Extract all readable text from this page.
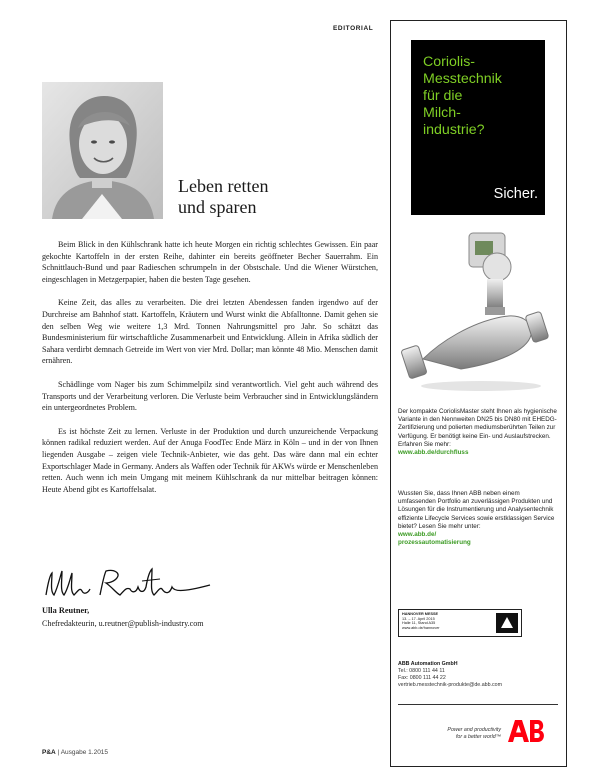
EDITORIAL
Leben retten
und sparen

Beim Blick in den Kühlschrank hatte ich heute Morgen ein richtig schlechtes Gewissen. Ein paar gekochte Kartoffeln in der ersten Reihe, dahinter ein bereits geöffneter Becher Sauerrahm. Ein Schnittlauch-Bund und paar Radieschen schrumpeln in der Obstschale. Und die Wiener Würstchen, eingeschlagen in Metzgerpapier, haben die besten Tage gesehen.

Keine Zeit, das alles zu verarbeiten. Die drei letzten Abendessen fanden irgendwo auf der Durchreise am Bahnhof statt. Kartoffeln, Kräutern und Wurst winkt die Abfalltonne. Damit gehen sie den selben Weg wie weitere 1,3 Mrd. Tonnen Nahrungsmittel pro Jahr. So schätzt das Bundesministerium für wirtschaftliche Zusammenarbeit und Entwicklung. Allein in Afrika südlich der Sahara verdirbt demnach Getreide im Wert von vier Mrd. Dollar; man könnte 48 Mio. Menschen damit ernähren.

Schädlinge vom Nager bis zum Schimmelpilz sind verantwortlich. Viel geht auch während des Transports und der Verarbeitung verloren. Die Verluste beim Verbraucher sind in Entwicklungsländern ein untergeordnetes Problem.

Es ist höchste Zeit zu lernen. Verluste in der Produktion und durch unzureichende Verpackung können radikal reduziert werden. Auf der Anuga FoodTec Ende März in Köln – und in der von Ihnen liegenden Ausgabe – zeigen viele Technik-Anbieter, wie das geht. Das wäre dann mal ein echter Exportschlager Made in Germany. Anders als Waffen oder Technik für AKWs würde er Menschenleben retten. Auch wenn ich mein Umgang mit meinem Kühlschrank da nur mittelbar beitragen können: Heute Abend gibt es Kartoffelsalat.

Ulla Reutner,
Chefredakteurin, u.reutner@publish-industry.com
P&A | Ausgabe 1.2015
Coriolis-
Messtechnik
für die
Milch-
industrie?
Sicher.
Der kompakte CoriolisMaster steht Ihnen als hygienische Variante in den Nennweiten DN25 bis DN80 mit EHEDG-Zertifizierung und polierten mediumsberührten Teilen zur Verfügung. Er benötigt keine Ein- und Auslaufstrecken. Erfahren Sie mehr:
www.abb.de/durchfluss
Wussten Sie, dass Ihnen ABB neben einem umfassenden Portfolio an zuverlässigen Produkten und Lösungen für die Instrumentierung und Analysentechnik effiziente Lifecycle Services sowie erstklassigen Service bietet? Lesen Sie mehr unter:
www.abb.de/
prozessautomatisierung
HANNOVER MESSE
13. – 17. April 2015
Halle 11, Stand A35
www.abb.de/hannover
ABB Automation GmbH
Tel.: 0800 111 44 11
Fax: 0800 111 44 22
vertrieb.messtechnik-produkte@de.abb.com
Power and productivity
for a better world™
